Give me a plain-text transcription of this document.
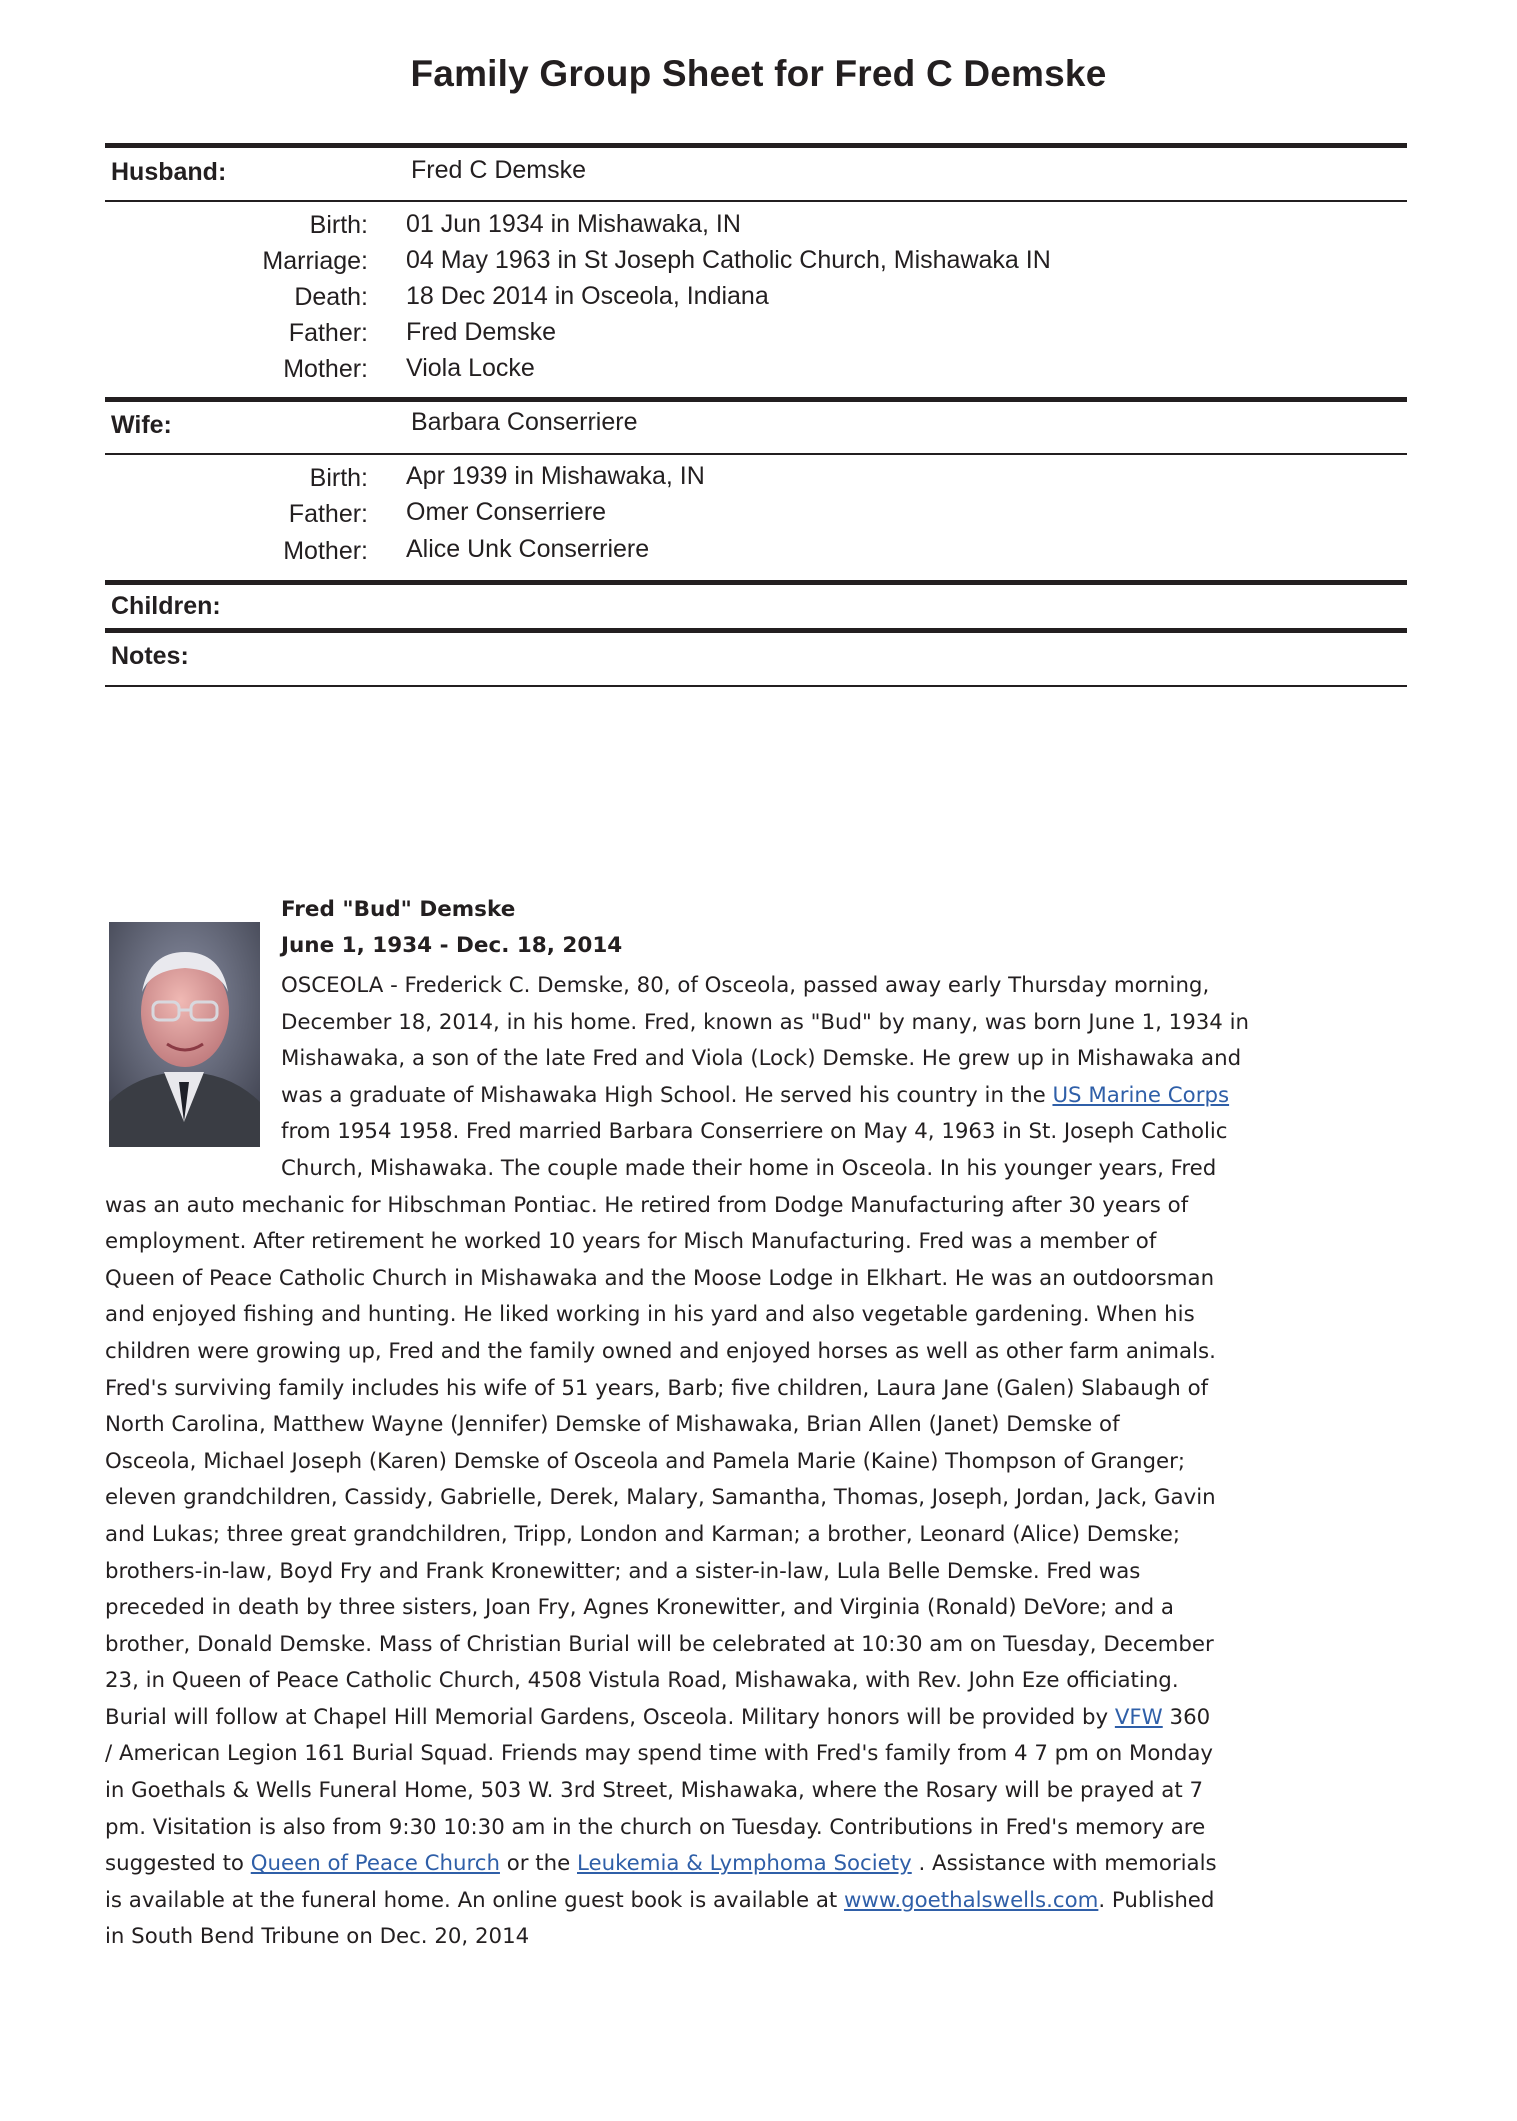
Family Group Sheet for Fred C Demske
Husband:	Fred C Demske
Birth: 01 Jun 1934 in Mishawaka, IN
Marriage: 04 May 1963 in St Joseph Catholic Church, Mishawaka IN
Death: 18 Dec 2014 in Osceola, Indiana
Father: Fred Demske
Mother: Viola Locke
Wife:	Barbara Conserriere
Birth: Apr 1939 in Mishawaka, IN
Father: Omer Conserriere
Mother: Alice Unk Conserriere
Children:
Notes:
Fred "Bud" Demske
June 1, 1934 - Dec. 18, 2014
OSCEOLA - Frederick C. Demske, 80, of Osceola, passed away early Thursday morning,
December 18, 2014, in his home. Fred, known as "Bud" by many, was born June 1, 1934 in
Mishawaka, a son of the late Fred and Viola (Lock) Demske. He grew up in Mishawaka and
was a graduate of Mishawaka High School. He served his country in the US Marine Corps
from 1954 1958. Fred married Barbara Conserriere on May 4, 1963 in St. Joseph Catholic
Church, Mishawaka. The couple made their home in Osceola. In his younger years, Fred
was an auto mechanic for Hibschman Pontiac. He retired from Dodge Manufacturing after 30 years of
employment. After retirement he worked 10 years for Misch Manufacturing. Fred was a member of
Queen of Peace Catholic Church in Mishawaka and the Moose Lodge in Elkhart. He was an outdoorsman
and enjoyed fishing and hunting. He liked working in his yard and also vegetable gardening. When his
children were growing up, Fred and the family owned and enjoyed horses as well as other farm animals.
Fred's surviving family includes his wife of 51 years, Barb; five children, Laura Jane (Galen) Slabaugh of
North Carolina, Matthew Wayne (Jennifer) Demske of Mishawaka, Brian Allen (Janet) Demske of
Osceola, Michael Joseph (Karen) Demske of Osceola and Pamela Marie (Kaine) Thompson of Granger;
eleven grandchildren, Cassidy, Gabrielle, Derek, Malary, Samantha, Thomas, Joseph, Jordan, Jack, Gavin
and Lukas; three great grandchildren, Tripp, London and Karman; a brother, Leonard (Alice) Demske;
brothers-in-law, Boyd Fry and Frank Kronewitter; and a sister-in-law, Lula Belle Demske. Fred was
preceded in death by three sisters, Joan Fry, Agnes Kronewitter, and Virginia (Ronald) DeVore; and a
brother, Donald Demske. Mass of Christian Burial will be celebrated at 10:30 am on Tuesday, December
23, in Queen of Peace Catholic Church, 4508 Vistula Road, Mishawaka, with Rev. John Eze officiating.
Burial will follow at Chapel Hill Memorial Gardens, Osceola. Military honors will be provided by VFW 360
/ American Legion 161 Burial Squad. Friends may spend time with Fred's family from 4 7 pm on Monday
in Goethals & Wells Funeral Home, 503 W. 3rd Street, Mishawaka, where the Rosary will be prayed at 7
pm. Visitation is also from 9:30 10:30 am in the church on Tuesday. Contributions in Fred's memory are
suggested to Queen of Peace Church or the Leukemia & Lymphoma Society . Assistance with memorials
is available at the funeral home. An online guest book is available at www.goethalswells.com. Published
in South Bend Tribune on Dec. 20, 2014
